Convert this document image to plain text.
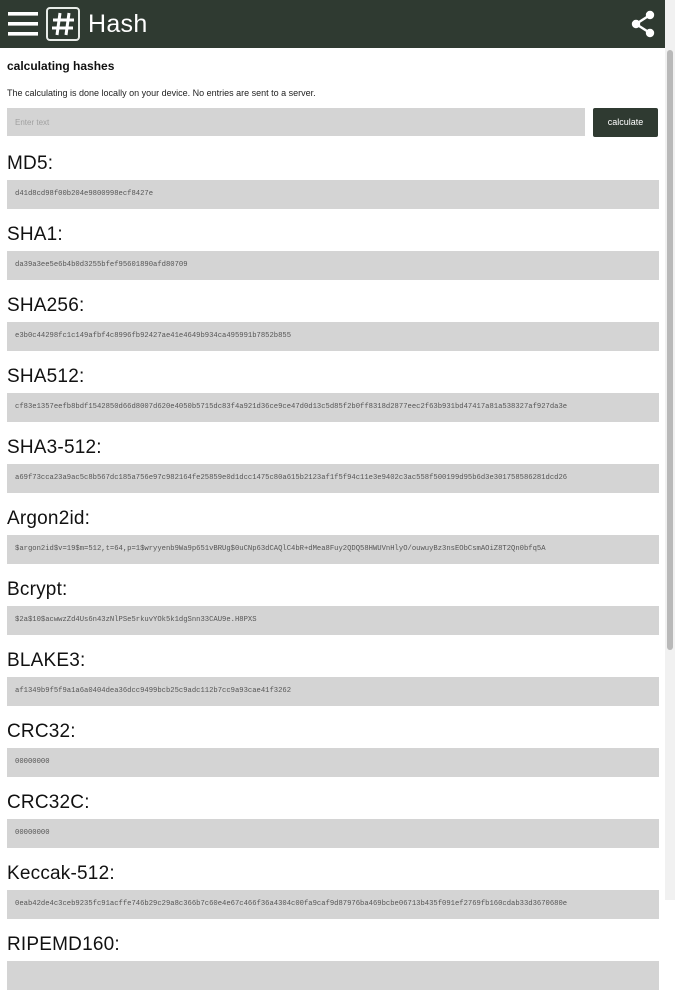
Hash
calculating hashes
The calculating is done locally on your device. No entries are sent to a server.
Enter text
calculate
MD5:
d41d8cd98f00b204e9800998ecf8427e
SHA1:
da39a3ee5e6b4b0d3255bfef95601890afd80709
SHA256:
e3b0c44298fc1c149afbf4c8996fb92427ae41e4649b934ca495991b7852b855
SHA512:
cf83e1357eefb8bdf1542850d66d8007d620e4050b5715dc83f4a921d36ce9ce47d0d13c5d85f2b0ff8318d2877eec2f63b931bd47417a81a538327af927da3e
SHA3-512:
a69f73cca23a9ac5c8b567dc185a756e97c982164fe25859e0d1dcc1475c80a615b2123af1f5f94c11e3e9402c3ac558f500199d95b6d3e301758586281dcd26
Argon2id:
$argon2id$v=19$m=512,t=64,p=1$wryyenb9Wa9p651vBRUg$0uCNp63dCAQlC4bR+dMea8Fuy2QDQ58HWUVnHlyO/ouwuyBz3nsEObCsmAOiZ8T2Qn0bfq5A
Bcrypt:
$2a$10$acwwzZd4Us6n43zNlPSe5rkuvYOk5k1dgSnn33CAU9e.H8PXS
BLAKE3:
af1349b9f5f9a1a6a0404dea36dcc9499bcb25c9adc112b7cc9a93cae41f3262
CRC32:
00000000
CRC32C:
00000000
Keccak-512:
0eab42de4c3ceb9235fc91acffe746b29c29a8c366b7c60e4e67c466f36a4304c00fa9caf9d87976ba469bcbe06713b435f091ef2769fb160cdab33d3670680e
RIPEMD160:
